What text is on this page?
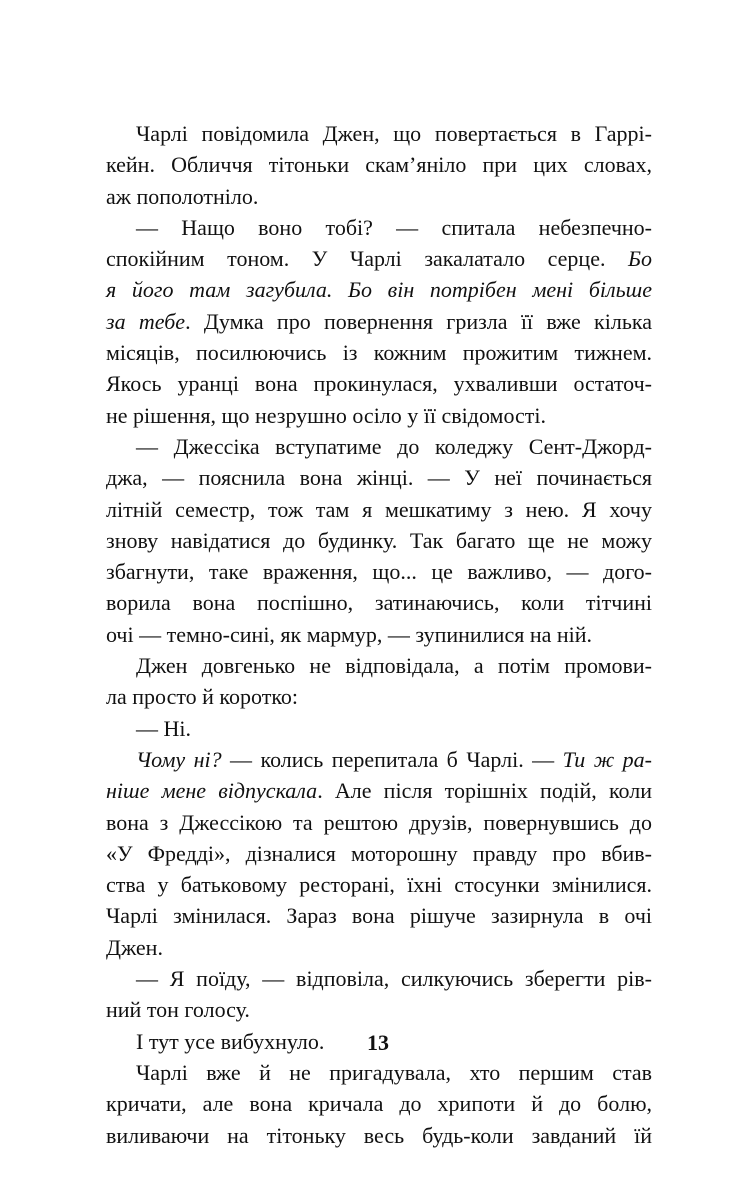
Чарлі повідомила Джен, що повертається в Гаррі-
кейн. Обличчя тітоньки скам’яніло при цих словах,
аж пополотніло.
— Нащо воно тобі? — спитала небезпечно-
спокійним тоном. У Чарлі закалатало серце. Бо
я його там загубила. Бо він потрібен мені більше
за тебе. Думка про повернення гризла її вже кілька
місяців, посилюючись із кожним прожитим тижнем.
Якось уранці вона прокинулася, ухваливши остаточ-
не рішення, що незрушно осіло у її свідомості.
— Джессіка вступатиме до коледжу Сент-Джорд-
джа, — пояснила вона жінці. — У неї починається
літній семестр, тож там я мешкатиму з нею. Я хочу
знову навідатися до будинку. Так багато ще не можу
збагнути, таке враження, що... це важливо, — дого-
ворила вона поспішно, затинаючись, коли тітчині
очі — темно-сині, як мармур, — зупинилися на ній.
Джен довгенько не відповідала, а потім промови-
ла просто й коротко:
— Ні.
Чому ні? — колись перепитала б Чарлі. — Ти ж ра-
ніше мене відпускала. Але після торішніх подій, коли
вона з Джессікою та рештою друзів, повернувшись до
«У Фредді», дізналися моторошну правду про вбив-
ства у батьковому ресторані, їхні стосунки змінилися.
Чарлі змінилася. Зараз вона рішуче зазирнула в очі
Джен.
— Я поїду, — відповіла, силкуючись зберегти рів-
ний тон голосу.
І тут усе вибухнуло.
Чарлі вже й не пригадувала, хто першим став
кричати, але вона кричала до хрипоти й до болю,
виливаючи на тітоньку весь будь-коли завданий їй
13
